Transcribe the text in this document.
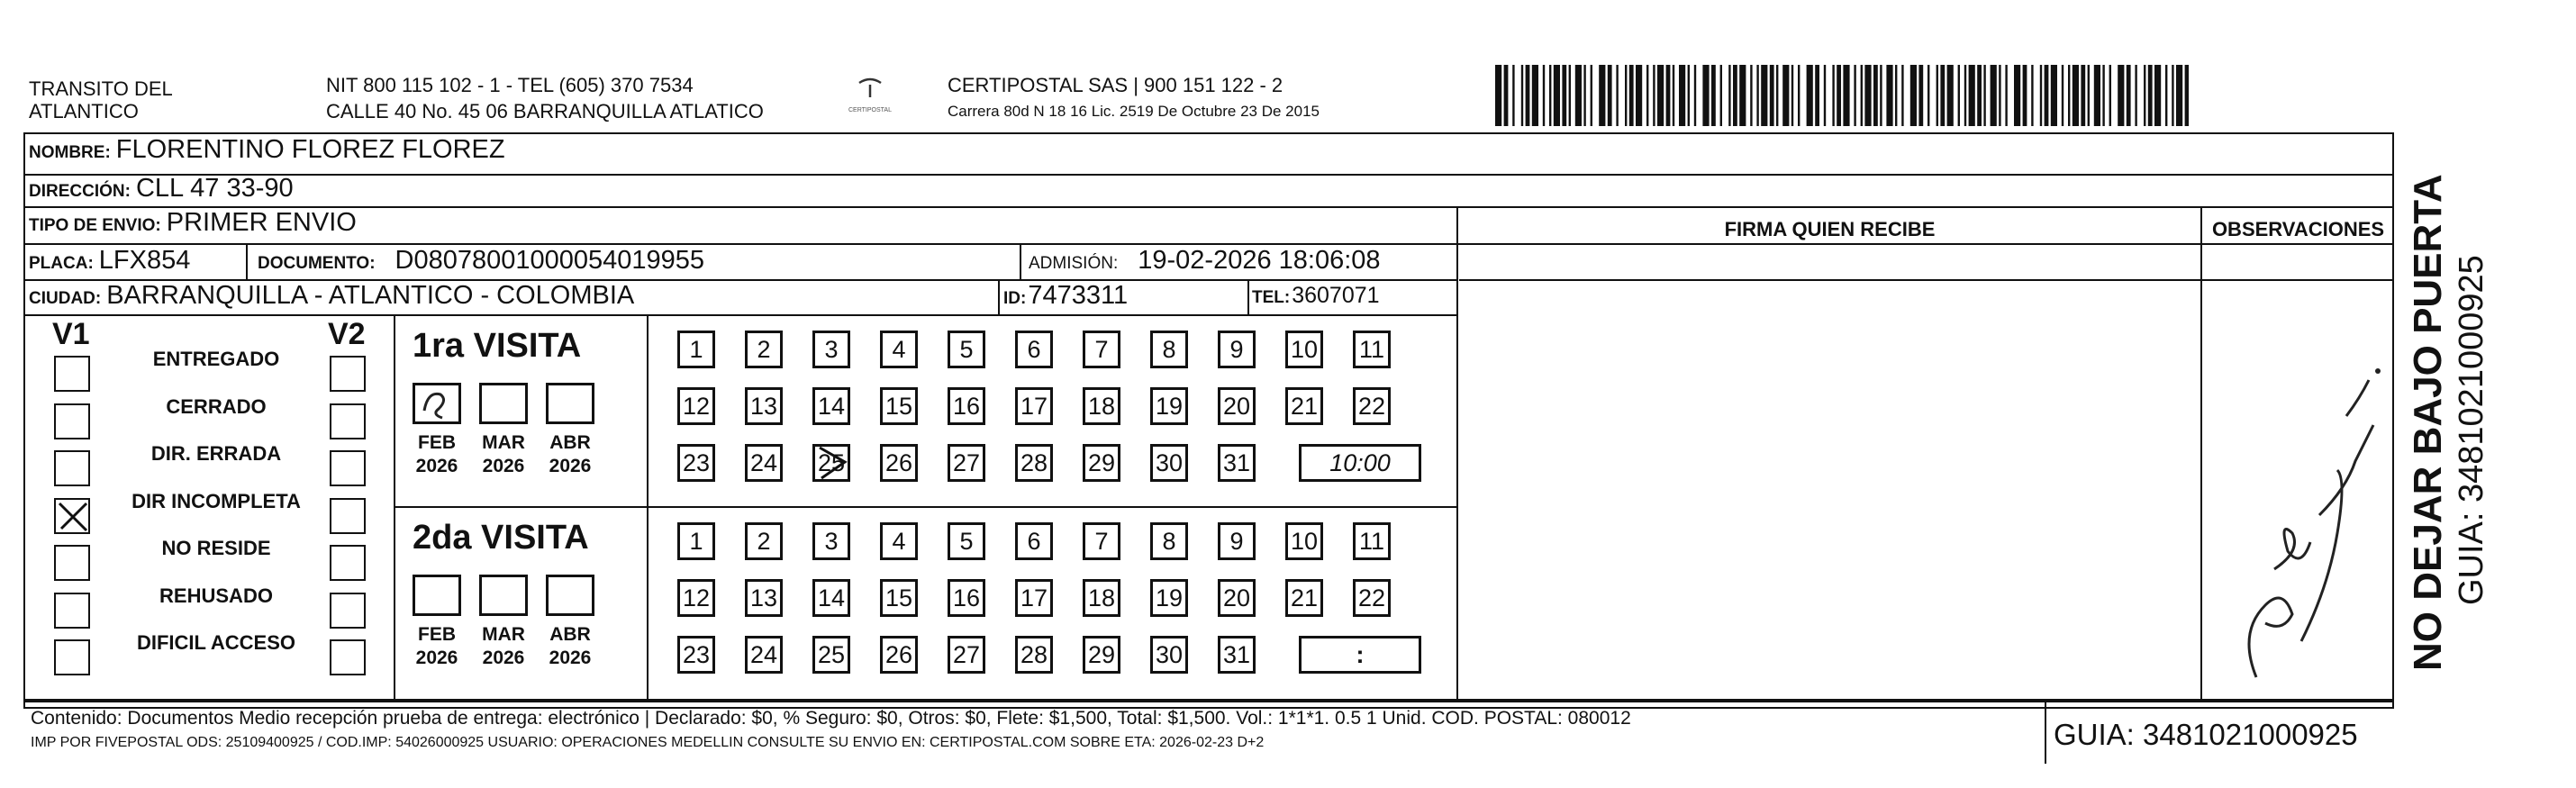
TRANSITO DEL
ATLANTICO
NIT 800 115 102 - 1 - TEL (605) 370 7534
CALLE 40 No. 45 06 BARRANQUILLA ATLATICO	CERTIPOSTAL
CERTIPOSTAL SAS | 900 151 122 - 2
Carrera 80d N 18 16 Lic. 2519 De Octubre 23 De 2015
NOMBRE: FLORENTINO FLOREZ FLOREZ
DIRECCIÓN: CLL 47 33-90
TIPO DE ENVIO: PRIMER ENVIO	FIRMA QUIEN RECIBE	OBSERVACIONES
PLACA: LFX854	DOCUMENTO: D08078001000054019955	ADMISIÓN: 19-02-2026 18:06:08
CIUDAD: BARRANQUILLA - ATLANTICO - COLOMBIA	ID: 7473311	TEL: 3607071
V1	V2
ENTREGADO
CERRADO
DIR. ERRADA
DIR INCOMPLETA
NO RESIDE
REHUSADO
DIFICIL ACCESO
1ra VISITA
FEB
2026
MAR
2026
ABR
2026
1	2	3	4	5	6	7	8	9	10 11
12 13 14 15 16 17 18 19 20 21 22
23 24 25 26 27 28 29 30 31	10:00
2da VISITA
FEB
2026
MAR
2026
ABR
2026
1	2	3	4	5	6	7	8	9	10 11
12 13 14 15 16 17 18 19 20 21 22
23 24 25 26 27 28 29 30 31	:	NO DEJAR BAJO PUERTA GUIA: 3481021000925
Contenido: Documentos Medio recepción prueba de entrega: electrónico | Declarado: $0, % Seguro: $0, Otros: $0, Flete: $1,500, Total: $1,500. Vol.: 1*1*1. 0.5 1 Unid. COD. POSTAL: 080012
IMP POR FIVEPOSTAL ODS: 25109400925 / COD.IMP: 54026000925 USUARIO: OPERACIONES MEDELLIN CONSULTE SU ENVIO EN: CERTIPOSTAL.COM SOBRE ETA: 2026-02-23 D+2	GUIA: 3481021000925
